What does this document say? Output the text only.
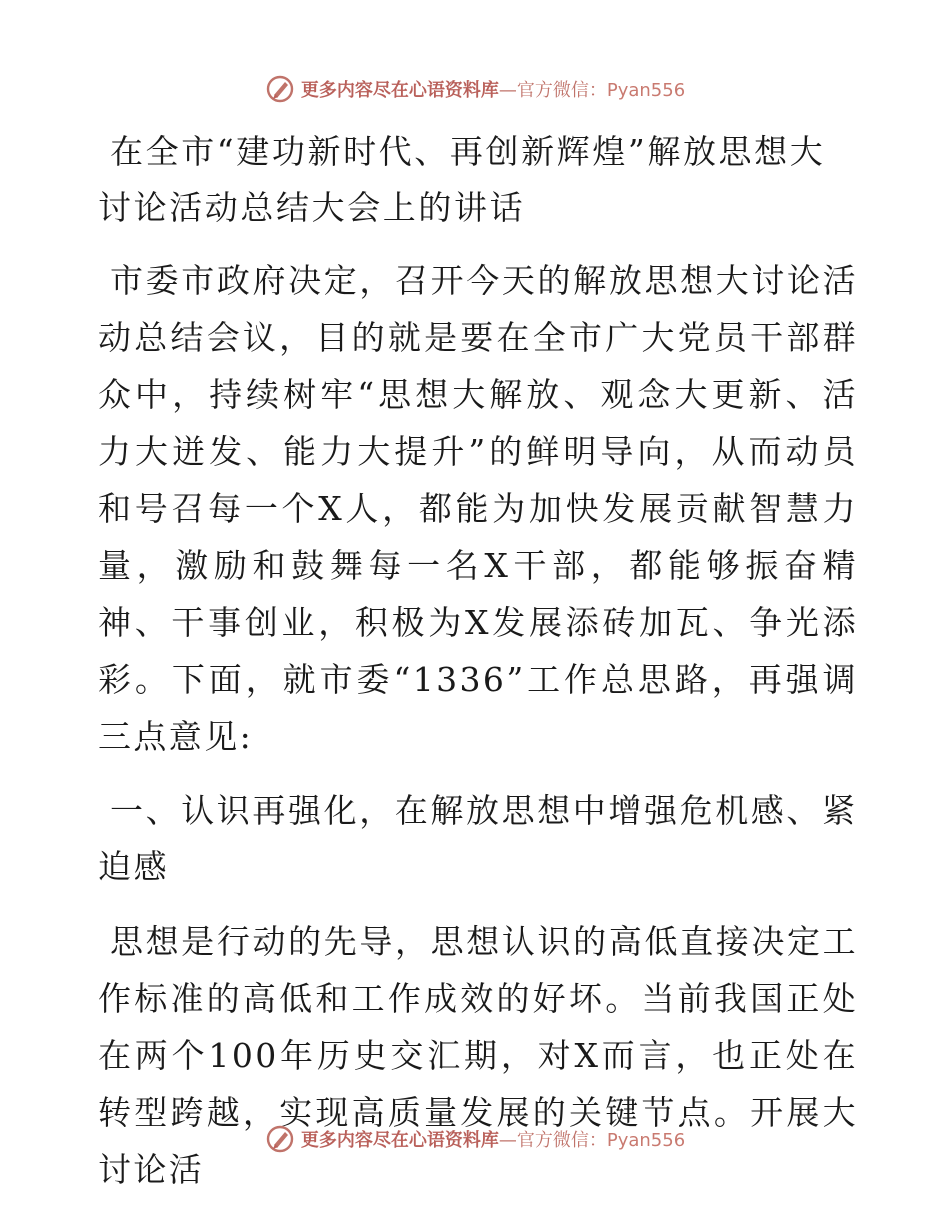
更多内容尽在心语资料库—官方微信：Pyan556
在全市“建功新时代、再创新辉煌”解放思想大讨论活动总结大会上的讲话
市委市政府决定，召开今天的解放思想大讨论活动总结会议，目的就是要在全市广大党员干部群众中，持续树牢“思想大解放、观念大更新、活力大迸发、能力大提升”的鲜明导向，从而动员和号召每一个X人，都能为加快发展贡献智慧力量，激励和鼓舞每一名X干部，都能够振奋精神、干事创业，积极为X发展添砖加瓦、争光添彩。下面，就市委“1336”工作总思路，再强调三点意见:
一、认识再强化，在解放思想中增强危机感、紧迫感
思想是行动的先导，思想认识的高低直接决定工作标准的高低和工作成效的好坏。当前我国正处在两个100年历史交汇期，对X而言，也正处在转型跨越，实现高质量发展的关键节点。开展大讨论活
更多内容尽在心语资料库—官方微信：Pyan556
